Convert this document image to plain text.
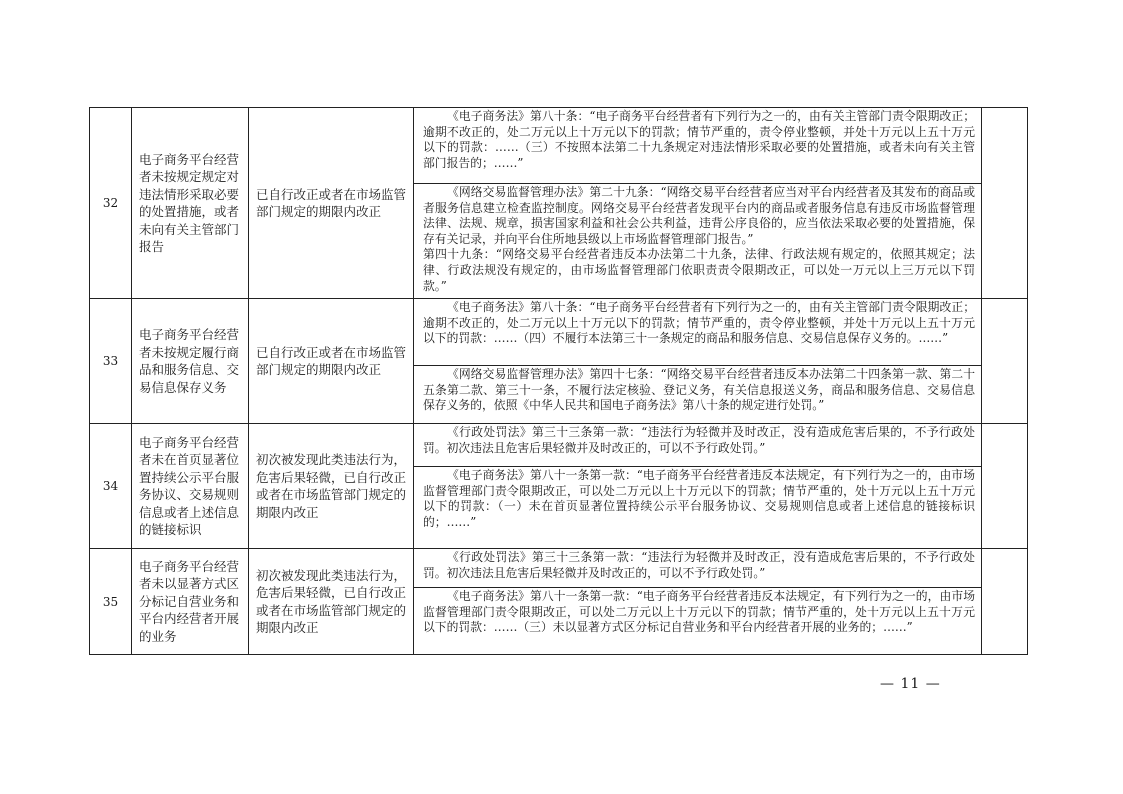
32	电子商务平台经营者未按规定规定对违法情形采取必要的处置措施，或者未向有关主管部门报告	已自行改正或者在市场监管部门规定的期限内改正	《电子商务法》第八十条：“电子商务平台经营者有下列行为之一的，由有关主管部门责令限期改正；逾期不改正的，处二万元以上十万元以下的罚款；情节严重的，责令停业整顿，并处十万元以上五十万元以下的罚款：……（三）不按照本法第二十九条规定对违法情形采取必要的处置措施，或者未向有关主管部门报告的；……”
《网络交易监督管理办法》第二十九条：“网络交易平台经营者应当对平台内经营者及其发布的商品或者服务信息建立检查监控制度。网络交易平台经营者发现平台内的商品或者服务信息有违反市场监督管理法律、法规、规章，损害国家利益和社会公共利益，违背公序良俗的，应当依法采取必要的处置措施，保存有关记录，并向平台住所地县级以上市场监督管理部门报告。”

第四十九条：“网络交易平台经营者违反本办法第二十九条，法律、行政法规有规定的，依照其规定；法律、行政法规没有规定的，由市场监督管理部门依职责责令限期改正，可以处一万元以上三万元以下罚款。”	

33	电子商务平台经营者未按规定履行商品和服务信息、交易信息保存义务	已自行改正或者在市场监管部门规定的期限内改正	《电子商务法》第八十条：“电子商务平台经营者有下列行为之一的，由有关主管部门责令限期改正；逾期不改正的，处二万元以上十万元以下的罚款；情节严重的，责令停业整顿，并处十万元以上五十万元以下的罚款：……（四）不履行本法第三十一条规定的商品和服务信息、交易信息保存义务的。……”
《网络交易监督管理办法》第四十七条：“网络交易平台经营者违反本办法第二十四条第一款、第二十五条第二款、第三十一条，不履行法定核验、登记义务，有关信息报送义务，商品和服务信息、交易信息保存义务的，依照《中华人民共和国电子商务法》第八十条的规定进行处罚。”	

34	电子商务平台经营者未在首页显著位置持续公示平台服务协议、交易规则信息或者上述信息的链接标识	初次被发现此类违法行为，危害后果轻微，已自行改正或者在市场监管部门规定的期限内改正	《行政处罚法》第三十三条第一款：“违法行为轻微并及时改正，没有造成危害后果的，不予行政处罚。初次违法且危害后果轻微并及时改正的，可以不予行政处罚。”
《电子商务法》第八十一条第一款：“电子商务平台经营者违反本法规定，有下列行为之一的，由市场监督管理部门责令限期改正，可以处二万元以上十万元以下的罚款；情节严重的，处十万元以上五十万元以下的罚款：（一）未在首页显著位置持续公示平台服务协议、交易规则信息或者上述信息的链接标识的；……”	

35	电子商务平台经营者未以显著方式区分标记自营业务和平台内经营者开展的业务	初次被发现此类违法行为，危害后果轻微，已自行改正或者在市场监管部门规定的期限内改正	《行政处罚法》第三十三条第一款：“违法行为轻微并及时改正，没有造成危害后果的，不予行政处罚。初次违法且危害后果轻微并及时改正的，可以不予行政处罚。”
《电子商务法》第八十一条第一款：“电子商务平台经营者违反本法规定，有下列行为之一的，由市场监督管理部门责令限期改正，可以处二万元以上十万元以下的罚款；情节严重的，处十万元以上五十万元以下的罚款：……（三）未以显著方式区分标记自营业务和平台内经营者开展的业务的；……”	

— 11 —
